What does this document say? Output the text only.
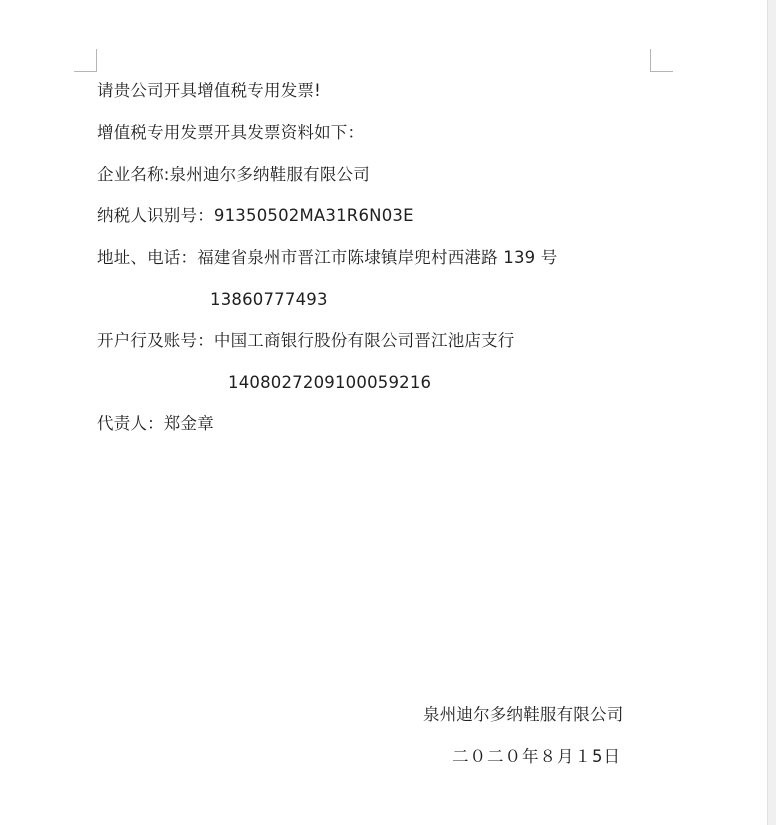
请贵公司开具增值税专用发票!
增值税专用发票开具发票资料如下：
企业名称:泉州迪尔多纳鞋服有限公司
纳税人识别号：91350502MA31R6N03E
地址、电话：福建省泉州市晋江市陈埭镇岸兜村西港路 139 号
13860777493
开户行及账号：中国工商银行股份有限公司晋江池店支行
1408027209100059216
代责人：郑金章
泉州迪尔多纳鞋服有限公司
二０二０年８月１5日
